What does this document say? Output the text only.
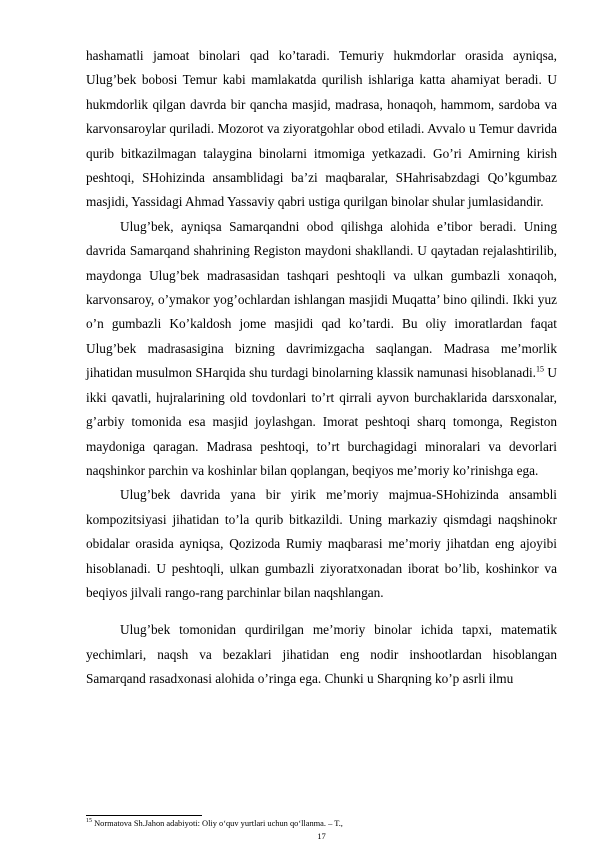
hashamatli jamoat binolari qad ko’taradi. Temuriy hukmdorlar orasida ayniqsa, Ulug’bek bobosi Temur kabi mamlakatda qurilish ishlariga katta ahamiyat beradi. U hukmdorlik qilgan davrda bir qancha masjid, madrasa, honaqoh, hammom, sardoba va karvonsaroylar quriladi. Mozorot va ziyoratgohlar obod etiladi. Avvalo u Temur davrida qurib bitkazilmagan talaygina binolarni itmomiga yetkazadi. Go’ri Amirning kirish peshtoqi, SHohizinda ansamblidagi ba’zi maqbaralar, SHahrisabzdagi Qo’kgumbaz masjidi, Yassidagi Ahmad Yassaviy qabri ustiga qurilgan binolar shular jumlasidandir.

Ulug’bek, ayniqsa Samarqandni obod qilishga alohida e’tibor beradi. Uning davrida Samarqand shahrining Registon maydoni shakllandi. U qaytadan rejalashtirilib, maydonga Ulug’bek madrasasidan tashqari peshtoqli va ulkan gumbazli xonaqoh, karvonsaroy, o’ymakor yog’ochlardan ishlangan masjidi Muqatta’ bino qilindi. Ikki yuz o’n gumbazli Ko’kaldosh jome masjidi qad ko’tardi. Bu oliy imoratlardan faqat Ulug’bek madrasasigina bizning davrimizgacha saqlangan. Madrasa me’morlik jihatidan musulmon SHarqida shu turdagi binolarning klassik namunasi hisoblanadi.$^{15}$ U ikki qavatli, hujralarining old tovdonlari to’rt qirrali ayvon burchaklarida darsxonalar, g’arbiy tomonida esa masjid joylashgan. Imorat peshtoqi sharq tomonga, Registon maydoniga qaragan. Madrasa peshtoqi, to’rt burchagidagi minoralari va devorlari naqshinkor parchin va koshinlar bilan qoplangan, beqiyos me’moriy ko’rinishga ega.

Ulug’bek davrida yana bir yirik me’moriy majmua-SHohizinda ansambli kompozitsiyasi jihatidan to’la qurib bitkazildi. Uning markaziy qismdagi naqshinokr obidalar orasida ayniqsa, Qozizoda Rumiy maqbarasi me’moriy jihatdan eng ajoyibi hisoblanadi. U peshtoqli, ulkan gumbazli ziyoratxonadan iborat bo’lib, koshinkor va beqiyos jilvali rango-rang parchinlar bilan naqshlangan.

Ulug’bek tomonidan qurdirilgan me’moriy binolar ichida tapxi, matematik yechimlari, naqsh va bezaklari jihatidan eng nodir inshootlardan hisoblangan Samarqand rasadxonasi alohida o’ringa ega. Chunki u Sharqning ko’p asrli ilmu

$^{15}$ Normatova Sh.Jahon adabiyoti: Oliy o‘quv yurtlari uchun qo‘llanma. – T.,
17
